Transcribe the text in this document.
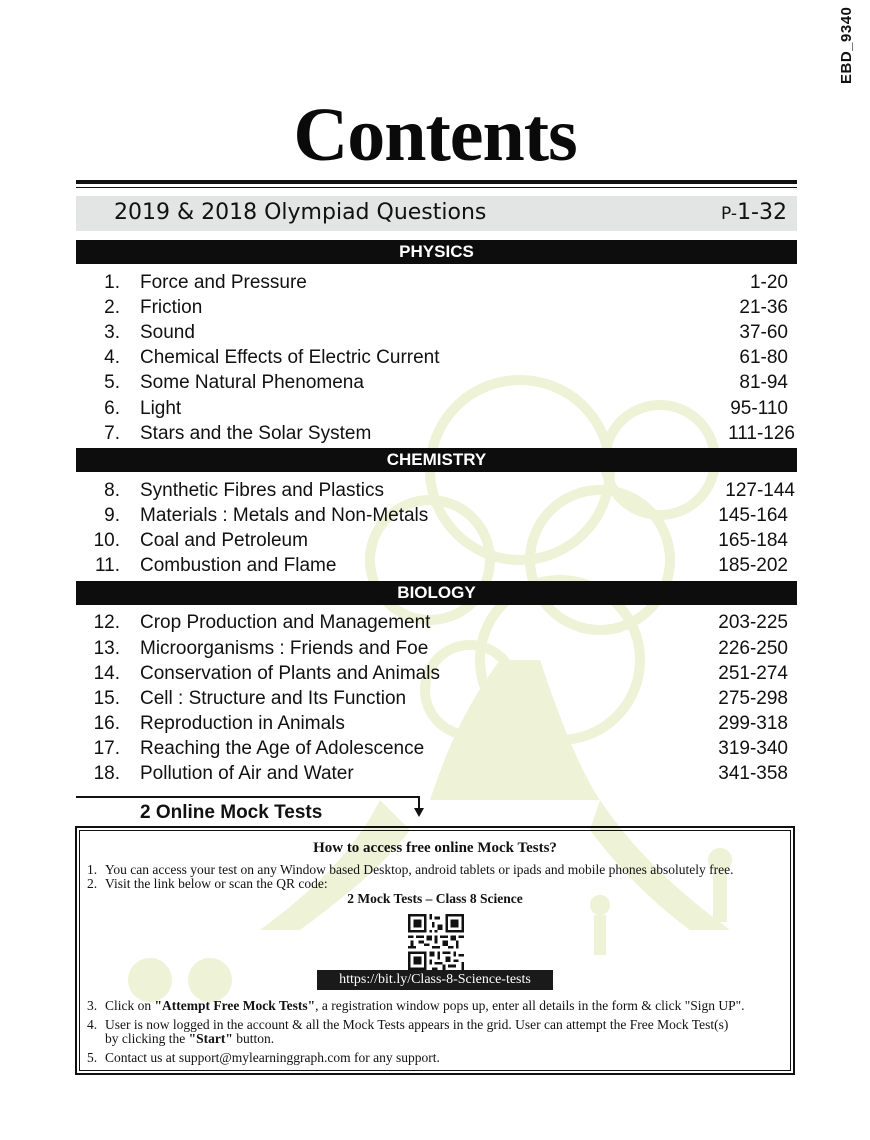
EBD_9340
Contents
2019 & 2018 Olympiad Questions	P-1-32
PHYSICS
1. Force and Pressure	1-20
2. Friction	21-36
3. Sound	37-60
4. Chemical Effects of Electric Current	61-80
5. Some Natural Phenomena	81-94
6. Light	95-110
7. Stars and the Solar System	111-126
CHEMISTRY
8. Synthetic Fibres and Plastics	127-144
9. Materials : Metals and Non-Metals	145-164
10. Coal and Petroleum	165-184
11. Combustion and Flame	185-202
BIOLOGY
12. Crop Production and Management	203-225
13. Microorganisms : Friends and Foe	226-250
14. Conservation of Plants and Animals	251-274
15. Cell : Structure and Its Function	275-298
16. Reproduction in Animals	299-318
17. Reaching the Age of Adolescence	319-340
18. Pollution of Air and Water	341-358
2 Online Mock Tests
How to access free online Mock Tests?
1. You can access your test on any Window based Desktop, android tablets or ipads and mobile phones absolutely free.
2. Visit the link below or scan the QR code:
2 Mock Tests – Class 8 Science
https://bit.ly/Class-8-Science-tests
3. Click on "Attempt Free Mock Tests", a registration window pops up, enter all details in the form & click "Sign UP".
4. User is now logged in the account & all the Mock Tests appears in the grid. User can attempt the Free Mock Test(s)
by clicking the "Start" button.
5. Contact us at support@mylearninggraph.com for any support.
